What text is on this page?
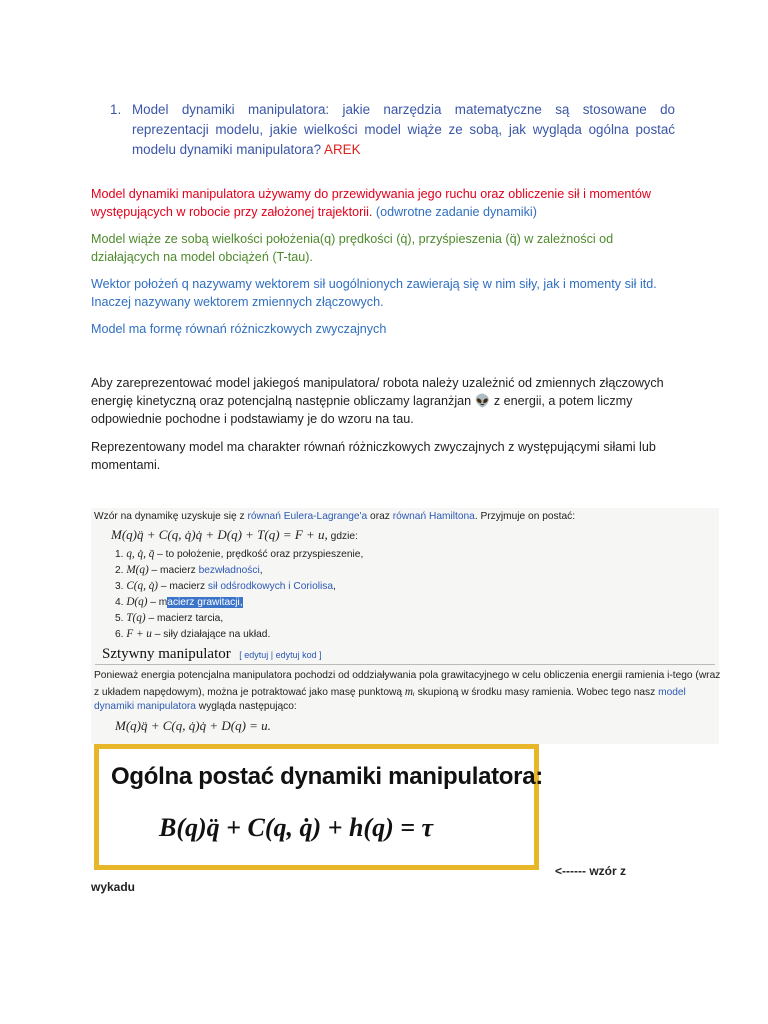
1. Model dynamiki manipulatora: jakie narzędzia matematyczne są stosowane do reprezentacji modelu, jakie wielkości model wiąże ze sobą, jak wygląda ogólna postać modelu dynamiki manipulatora? AREK
Model dynamiki manipulatora używamy do przewidywania jego ruchu oraz obliczenie sił i momentów występujących w robocie przy założonej trajektorii. (odwrotne zadanie dynamiki)
Model wiąże ze sobą wielkości położenia(q) prędkości (q̇), przyśpieszenia (q̈) w zależności od działających na model obciążeń (T-tau).
Wektor położeń q nazywamy wektorem sił uogólnionych zawierają się w nim siły, jak i momenty sił itd. Inaczej nazywany wektorem zmiennych złączowych.
Model ma formę równań różniczkowych zwyczajnych
Aby zareprezentować model jakiegoś manipulatora/ robota należy uzależnić od zmiennych złączowych energię kinetyczną oraz potencjalną następnie obliczamy lagranżjan 👽 z energii, a potem liczmy odpowiednie pochodne i podstawiamy je do wzoru na tau.
Reprezentowany model ma charakter równań różniczkowych zwyczajnych z występującymi siłami lub momentami.
Wzór na dynamikę uzyskuje się z równań Eulera-Lagrange'a oraz równań Hamiltona. Przyjmuje on postać:
M(q)q̈ + C(q, q̇)q̇ + D(q) + T(q) = F + u, gdzie:
1. q, q̇, q̈ – to położenie, prędkość oraz przyspieszenie,
2. M(q) – macierz bezwładności,
3. C(q, q̇) – macierz sił odśrodkowych i Coriolisa,
4. D(q) – macierz grawitacji,
5. T(q) – macierz tarcia,
6. F + u – siły działające na układ.
Sztywny manipulator [ edytuj | edytuj kod ]
Ponieważ energia potencjalna manipulatora pochodzi od oddziaływania pola grawitacyjnego w celu obliczenia energii ramienia i-tego (wraz
z układem napędowym), można je potraktować jako masę punktową mᵢ skupioną w środku masy ramienia. Wobec tego nasz model
dynamiki manipulatora wygląda następująco:
M(q)q̈ + C(q, q̇)q̇ + D(q) = u.
Ogólna postać dynamiki manipulatora:
B(q)q̈ + C(q, q̇) + h(q) = τ
<------ wzór z
wykadu
